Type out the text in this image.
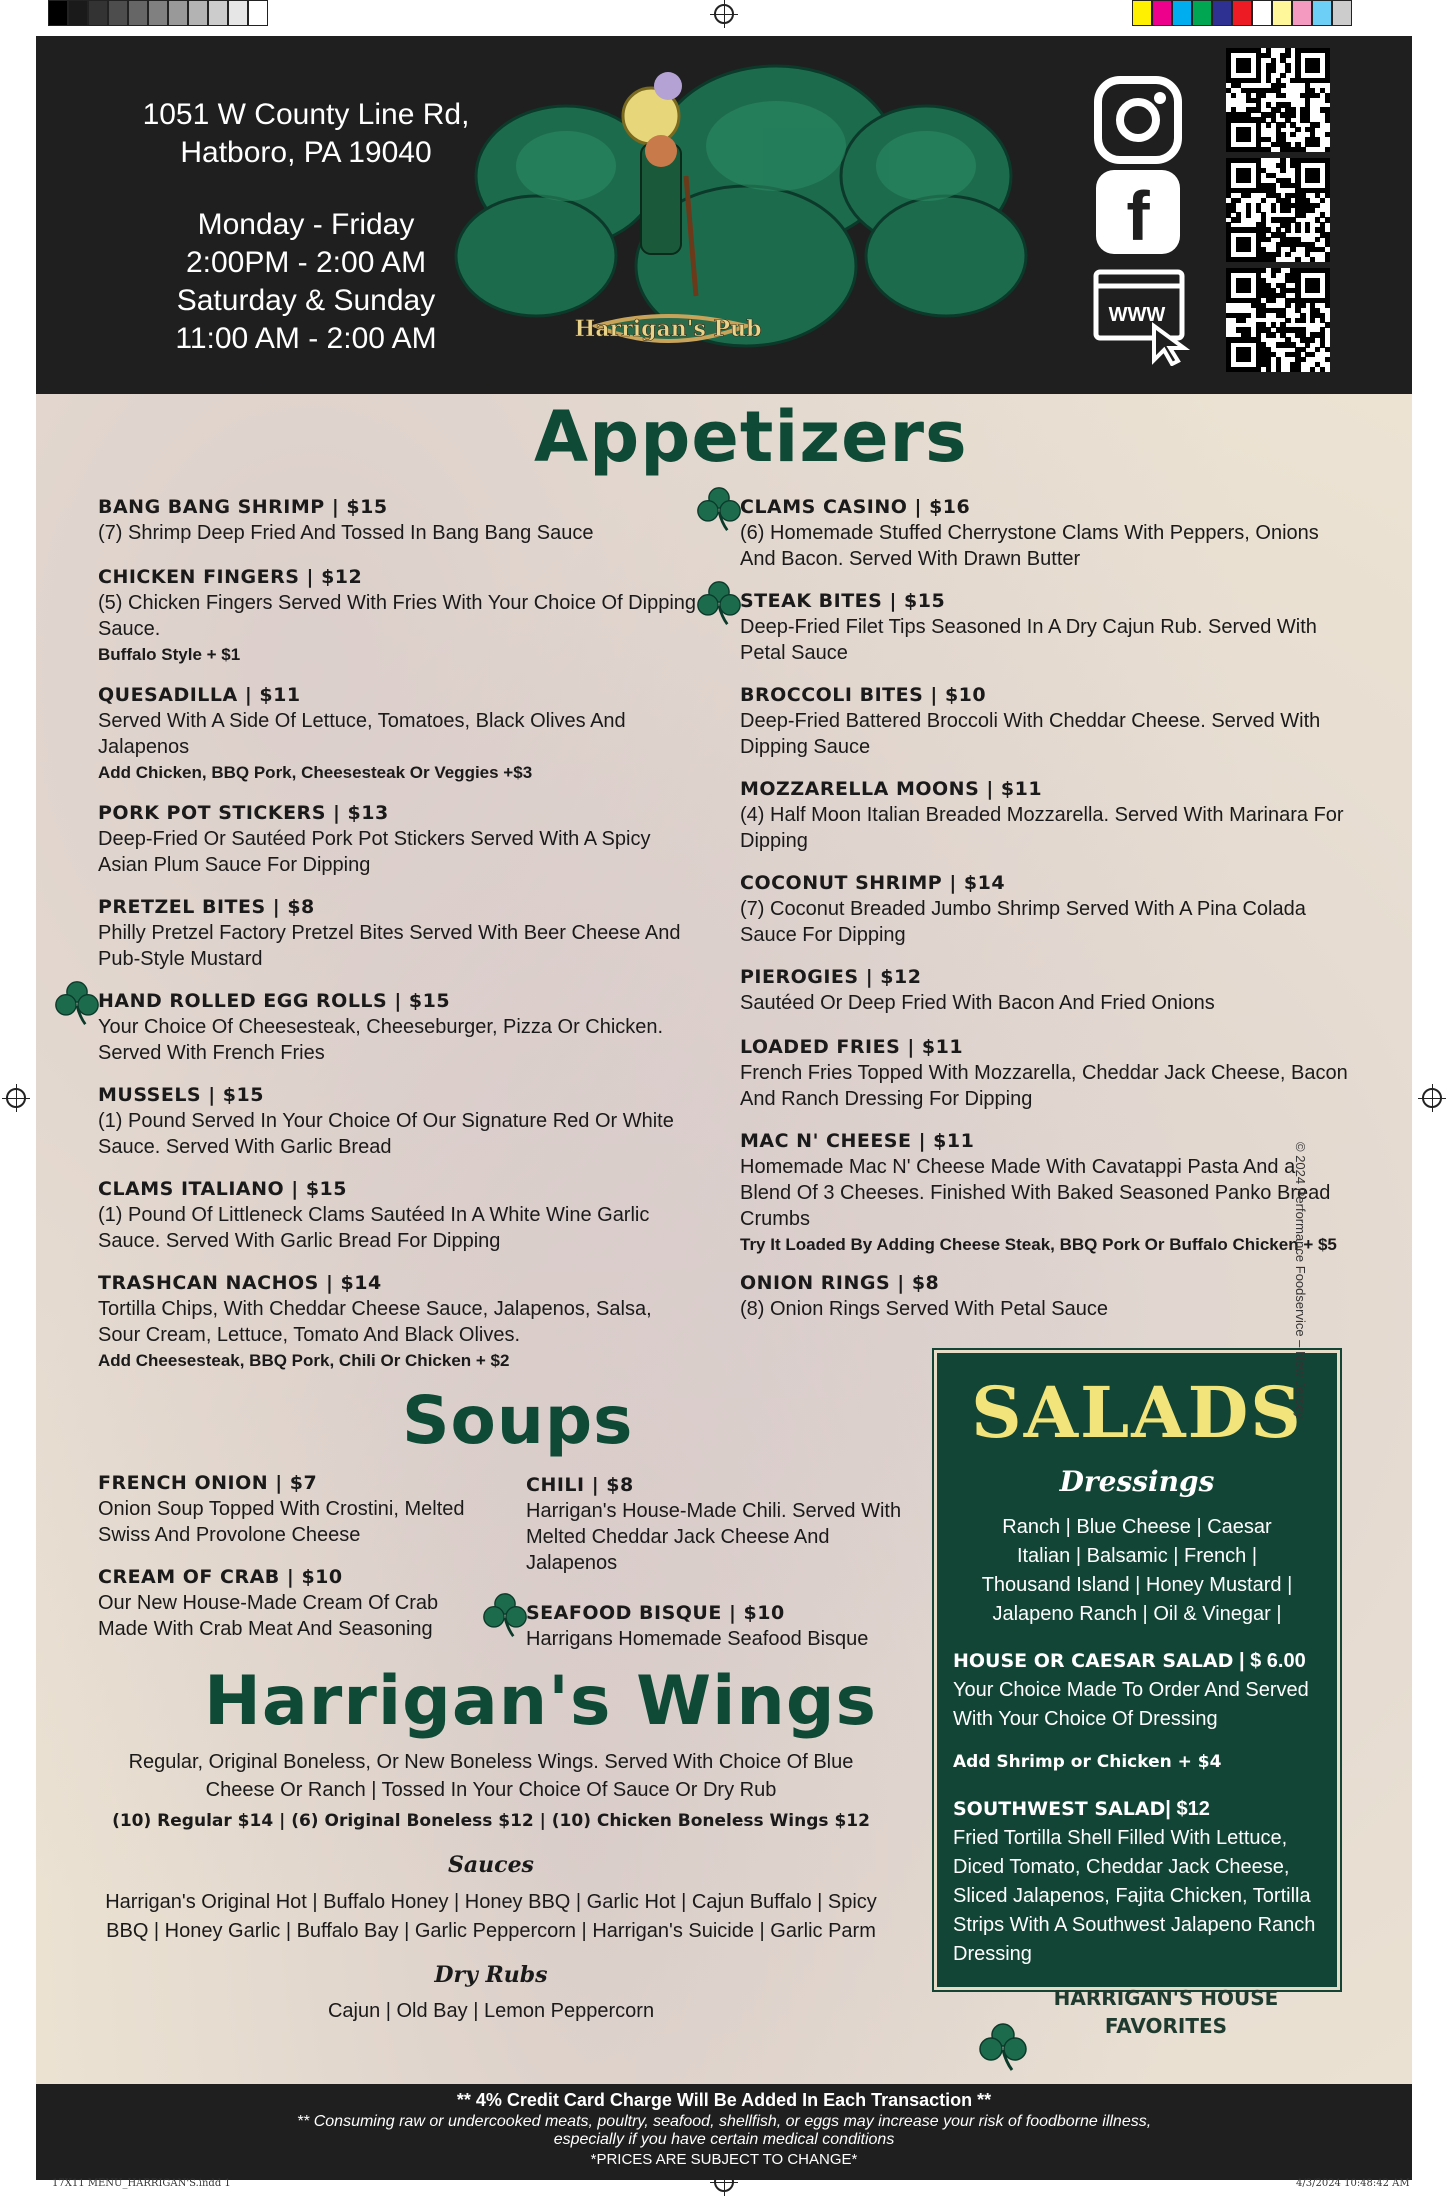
1051 W County Line Rd,
Hatboro, PA 19040
Monday - Friday
2:00PM - 2:00 AM
Saturday & Sunday
11:00 AM - 2:00 AM	Harrigan's Pub
f
WWW
Appetizers
BANG BANG SHRIMP | $15
(7) Shrimp Deep Fried And Tossed In Bang Bang Sauce
CHICKEN FINGERS | $12
(5) Chicken Fingers Served With Fries With Your Choice Of Dipping Sauce.
Buffalo Style + $1
QUESADILLA | $11
Served With A Side Of Lettuce, Tomatoes, Black Olives And Jalapenos
Add Chicken, BBQ Pork, Cheesesteak Or Veggies +$3
PORK POT STICKERS | $13
Deep-Fried Or Sautéed Pork Pot Stickers Served With A Spicy Asian Plum Sauce For Dipping
PRETZEL BITES | $8
Philly Pretzel Factory Pretzel Bites Served With Beer Cheese And Pub-Style Mustard
HAND ROLLED EGG ROLLS | $15
Your Choice Of Cheesesteak, Cheeseburger, Pizza Or Chicken. Served With French Fries
MUSSELS | $15
(1) Pound Served In Your Choice Of Our Signature Red Or White Sauce. Served With Garlic Bread
CLAMS ITALIANO | $15
(1) Pound Of Littleneck Clams Sautéed In A White Wine Garlic Sauce. Served With Garlic Bread For Dipping
TRASHCAN NACHOS | $14
Tortilla Chips, With Cheddar Cheese Sauce, Jalapenos, Salsa, Sour Cream, Lettuce, Tomato And Black Olives.
Add Cheesesteak, BBQ Pork, Chili Or Chicken + $2
CLAMS CASINO | $16
(6) Homemade Stuffed Cherrystone Clams With Peppers, Onions And Bacon. Served With Drawn Butter
STEAK BITES | $15
Deep-Fried Filet Tips Seasoned In A Dry Cajun Rub. Served With Petal Sauce
BROCCOLI BITES | $10
Deep-Fried Battered Broccoli With Cheddar Cheese. Served With Dipping Sauce
MOZZARELLA MOONS | $11
(4) Half Moon Italian Breaded Mozzarella. Served With Marinara For Dipping
COCONUT SHRIMP | $14
(7) Coconut Breaded Jumbo Shrimp Served With A Pina Colada Sauce For Dipping
PIEROGIES | $12
Sautéed Or Deep Fried With Bacon And Fried Onions
LOADED FRIES | $11
French Fries Topped With Mozzarella, Cheddar Jack Cheese, Bacon And Ranch Dressing For Dipping
MAC N' CHEESE | $11
Homemade Mac N' Cheese Made With Cavatappi Pasta And a Blend Of 3 Cheeses. Finished With Baked Seasoned Panko Bread Crumbs
Try It Loaded By Adding Cheese Steak, BBQ Pork Or Buffalo Chicken + $5
ONION RINGS | $8
(8) Onion Rings Served With Petal Sauce
Soups
FRENCH ONION | $7
Onion Soup Topped With Crostini, Melted Swiss And Provolone Cheese
CREAM OF CRAB | $10
Our New House-Made Cream Of Crab Made With Crab Meat And Seasoning
CHILI | $8
Harrigan's House-Made Chili. Served With Melted Cheddar Jack Cheese And Jalapenos
SEAFOOD BISQUE | $10
Harrigans Homemade Seafood Bisque
Harrigan's Wings
Regular, Original Boneless, Or New Boneless Wings. Served With Choice Of Blue Cheese Or Ranch | Tossed In Your Choice Of Sauce Or Dry Rub
(10) Regular $14 | (6) Original Boneless $12 | (10) Chicken Boneless Wings $12
Sauces
Harrigan's Original Hot | Buffalo Honey | Honey BBQ | Garlic Hot | Cajun Buffalo | Spicy BBQ | Honey Garlic | Buffalo Bay | Garlic Peppercorn | Harrigan's Suicide | Garlic Parm
Dry Rubs
Cajun | Old Bay | Lemon Peppercorn
SALADS
Dressings
Ranch | Blue Cheese | Caesar
Italian | Balsamic | French |
Thousand Island | Honey Mustard |
Jalapeno Ranch | Oil & Vinegar |
HOUSE OR CAESAR SALAD | $ 6.00
Your Choice Made To Order And Served With Your Choice Of Dressing
Add Shrimp or Chicken + $4
SOUTHWEST SALAD| $12
Fried Tortilla Shell Filled With Lettuce, Diced Tomato, Cheddar Jack Cheese, Sliced Jalapenos, Fajita Chicken, Tortilla Strips With A Southwest Jalapeno Ranch Dressing
HARRIGAN'S HOUSE
FAVORITES
© 2024 Performance Foodservice – New Jersey
** 4% Credit Card Charge Will Be Added In Each Transaction **
** Consuming raw or undercooked meats, poultry, seafood, shellfish, or eggs may increase your risk of foodborne illness,
especially if you have certain medical conditions
*PRICES ARE SUBJECT TO CHANGE*
17X11 MENU_HARRIGAN'S.indd 1	4/3/2024 10:48:42 AM
